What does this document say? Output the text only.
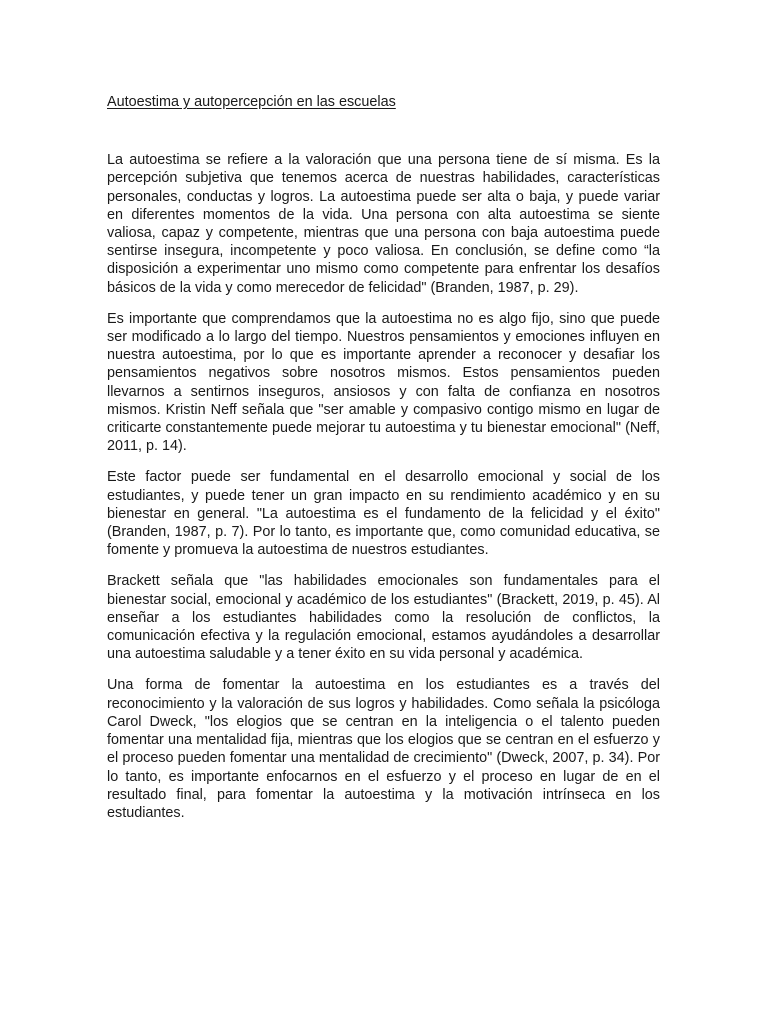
Autoestima y autopercepción en las escuelas

La autoestima se refiere a la valoración que una persona tiene de sí misma. Es la percepción subjetiva que tenemos acerca de nuestras habilidades, características personales, conductas y logros. La autoestima puede ser alta o baja, y puede variar en diferentes momentos de la vida. Una persona con alta autoestima se siente valiosa, capaz y competente, mientras que una persona con baja autoestima puede sentirse insegura, incompetente y poco valiosa. En conclusión, se define como “la disposición a experimentar uno mismo como competente para enfrentar los desafíos básicos de la vida y como merecedor de felicidad" (Branden, 1987, p. 29).

Es importante que comprendamos que la autoestima no es algo fijo, sino que puede ser modificado a lo largo del tiempo. Nuestros pensamientos y emociones influyen en nuestra autoestima, por lo que es importante aprender a reconocer y desafiar los pensamientos negativos sobre nosotros mismos. Estos pensamientos pueden llevarnos a sentirnos inseguros, ansiosos y con falta de confianza en nosotros mismos. Kristin Neff señala que "ser amable y compasivo contigo mismo en lugar de criticarte constantemente puede mejorar tu autoestima y tu bienestar emocional" (Neff, 2011, p. 14).

Este factor puede ser fundamental en el desarrollo emocional y social de los estudiantes, y puede tener un gran impacto en su rendimiento académico y en su bienestar en general. "La autoestima es el fundamento de la felicidad y el éxito" (Branden, 1987, p. 7). Por lo tanto, es importante que, como comunidad educativa, se fomente y promueva la autoestima de nuestros estudiantes.

Brackett señala que "las habilidades emocionales son fundamentales para el bienestar social, emocional y académico de los estudiantes" (Brackett, 2019, p. 45). Al enseñar a los estudiantes habilidades como la resolución de conflictos, la comunicación efectiva y la regulación emocional, estamos ayudándoles a desarrollar una autoestima saludable y a tener éxito en su vida personal y académica.

Una forma de fomentar la autoestima en los estudiantes es a través del reconocimiento y la valoración de sus logros y habilidades. Como señala la psicóloga Carol Dweck, "los elogios que se centran en la inteligencia o el talento pueden fomentar una mentalidad fija, mientras que los elogios que se centran en el esfuerzo y el proceso pueden fomentar una mentalidad de crecimiento" (Dweck, 2007, p. 34). Por lo tanto, es importante enfocarnos en el esfuerzo y el proceso en lugar de en el resultado final, para fomentar la autoestima y la motivación intrínseca en los estudiantes.
